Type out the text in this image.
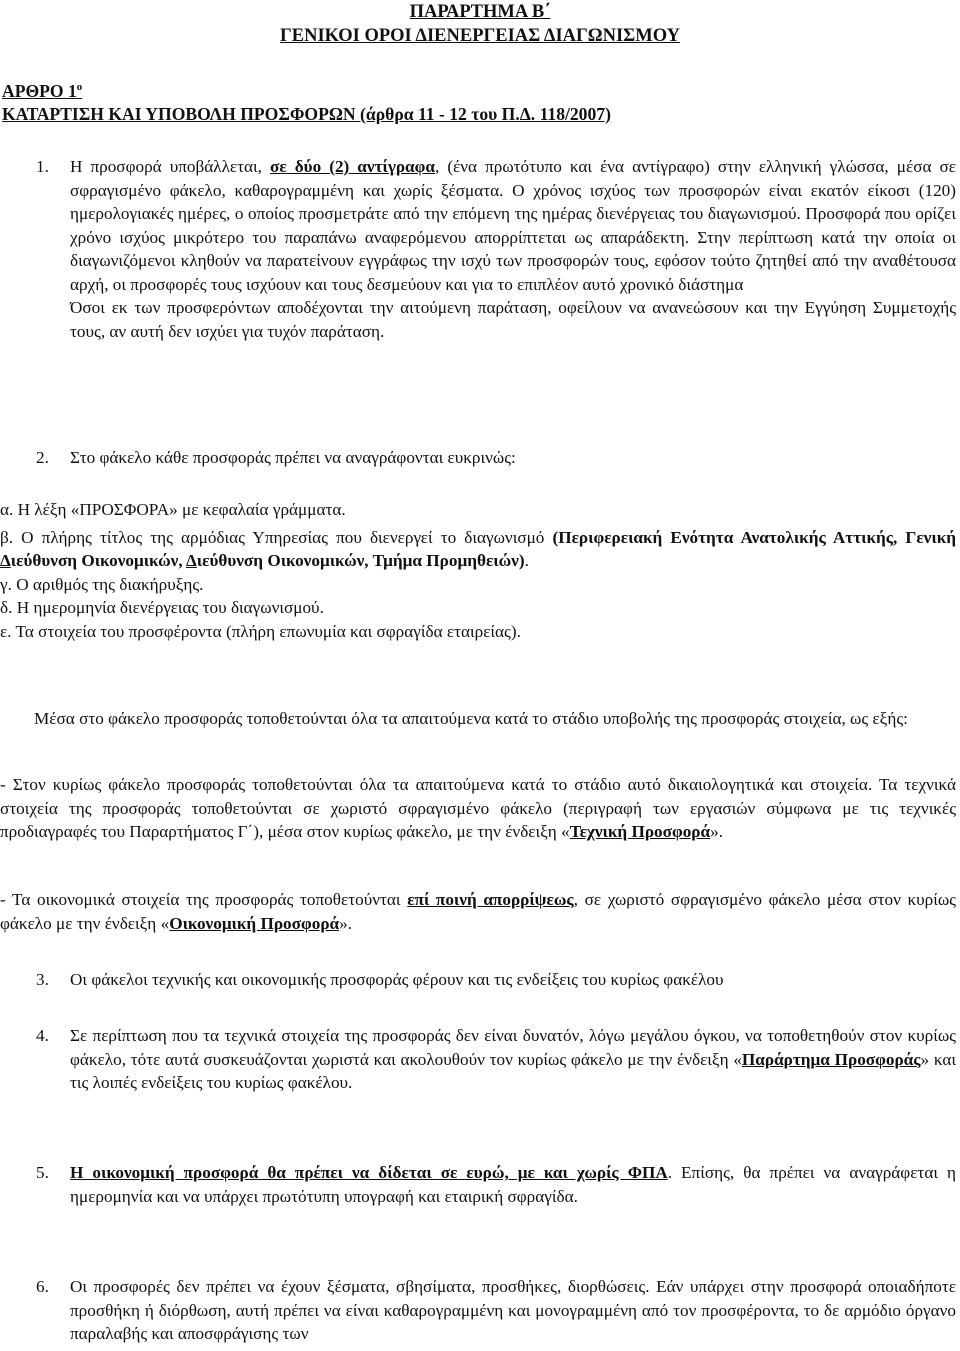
ΠΑΡΑΡΤΗΜΑ Β΄
ΓΕΝΙΚΟΙ ΟΡΟΙ ΔΙΕΝΕΡΓΕΙΑΣ ΔΙΑΓΩΝΙΣΜΟΥ
ΑΡΘΡΟ $1^o$
ΚΑΤΑΡΤΙΣΗ ΚΑΙ ΥΠΟΒΟΛΗ ΠΡΟΣΦΟΡΩΝ (άρθρα 11 - 12 του Π.Δ. 118/2007)
1. Η προσφορά υποβάλλεται, σε δύο (2) αντίγραφα, (ένα πρωτότυπο και ένα αντίγραφο) στην ελληνική γλώσσα, μέσα σε σφραγισμένο φάκελο, καθαρογραμμένη και χωρίς ξέσματα. Ο χρόνος ισχύος των προσφορών είναι εκατόν είκοσι (120) ημερολογιακές ημέρες, ο οποίος προσμετράτε από την επόμενη της ημέρας διενέργειας του διαγωνισμού. Προσφορά που ορίζει χρόνο ισχύος μικρότερο του παραπάνω αναφερόμενου απορρίπτεται ως απαράδεκτη. Στην περίπτωση κατά την οποία οι διαγωνιζόμενοι κληθούν να παρατείνουν εγγράφως την ισχύ των προσφορών τους, εφόσον τούτο ζητηθεί από την αναθέτουσα αρχή, οι προσφορές τους ισχύουν και τους δεσμεύουν και για το επιπλέον αυτό χρονικό διάστημα

Όσοι εκ των προσφερόντων αποδέχονται την αιτούμενη παράταση, οφείλουν να ανανεώσουν και την Εγγύηση Συμμετοχής τους, αν αυτή δεν ισχύει για τυχόν παράταση.

2. Στο φάκελο κάθε προσφοράς πρέπει να αναγράφονται ευκρινώς:

α. Η λέξη «ΠΡΟΣΦΟΡΑ» με κεφαλαία γράμματα.

β. Ο πλήρης τίτλος της αρμόδιας Υπηρεσίας που διενεργεί το διαγωνισμό (Περιφερειακή Ενότητα Ανατολικής Αττικής, Γενική Διεύθυνση Οικονομικών, Διεύθυνση Οικονομικών, Τμήμα Προμηθειών).

γ. Ο αριθμός της διακήρυξης.

δ. Η ημερομηνία διενέργειας του διαγωνισμού.

ε. Τα στοιχεία του προσφέροντα (πλήρη επωνυμία και σφραγίδα εταιρείας).

Μέσα στο φάκελο προσφοράς τοποθετούνται όλα τα απαιτούμενα κατά το στάδιο υποβολής της προσφοράς στοιχεία, ως εξής:

- Στον κυρίως φάκελο προσφοράς τοποθετούνται όλα τα απαιτούμενα κατά το στάδιο αυτό δικαιολογητικά και στοιχεία. Τα τεχνικά στοιχεία της προσφοράς τοποθετούνται σε χωριστό σφραγισμένο φάκελο (περιγραφή των εργασιών σύμφωνα με τις τεχνικές προδιαγραφές του Παραρτήματος Γ΄), μέσα στον κυρίως φάκελο, με την ένδειξη «Τεχνική Προσφορά».

- Τα οικονομικά στοιχεία της προσφοράς τοποθετούνται επί ποινή απορρίψεως, σε χωριστό σφραγισμένο φάκελο μέσα στον κυρίως φάκελο με την ένδειξη «Οικονομική Προσφορά».

3. Οι φάκελοι τεχνικής και οικονομικής προσφοράς φέρουν και τις ενδείξεις του κυρίως φακέλου
4. Σε περίπτωση που τα τεχνικά στοιχεία της προσφοράς δεν είναι δυνατόν, λόγω μεγάλου όγκου, να τοποθετηθούν στον κυρίως φάκελο, τότε αυτά συσκευάζονται χωριστά και ακολουθούν τον κυρίως φάκελο με την ένδειξη «Παράρτημα Προσφοράς» και τις λοιπές ενδείξεις του κυρίως φακέλου.
5. Η οικονομική προσφορά θα πρέπει να δίδεται σε ευρώ, με και χωρίς ΦΠΑ. Επίσης, θα πρέπει να αναγράφεται η ημερομηνία και να υπάρχει πρωτότυπη υπογραφή και εταιρική σφραγίδα.
6. Οι προσφορές δεν πρέπει να έχουν ξέσματα, σβησίματα, προσθήκες, διορθώσεις. Εάν υπάρχει στην προσφορά οποιαδήποτε προσθήκη ή διόρθωση, αυτή πρέπει να είναι καθαρογραμμένη και μονογραμμένη από τον προσφέροντα, το δε αρμόδιο όργανο παραλαβής και αποσφράγισης των
